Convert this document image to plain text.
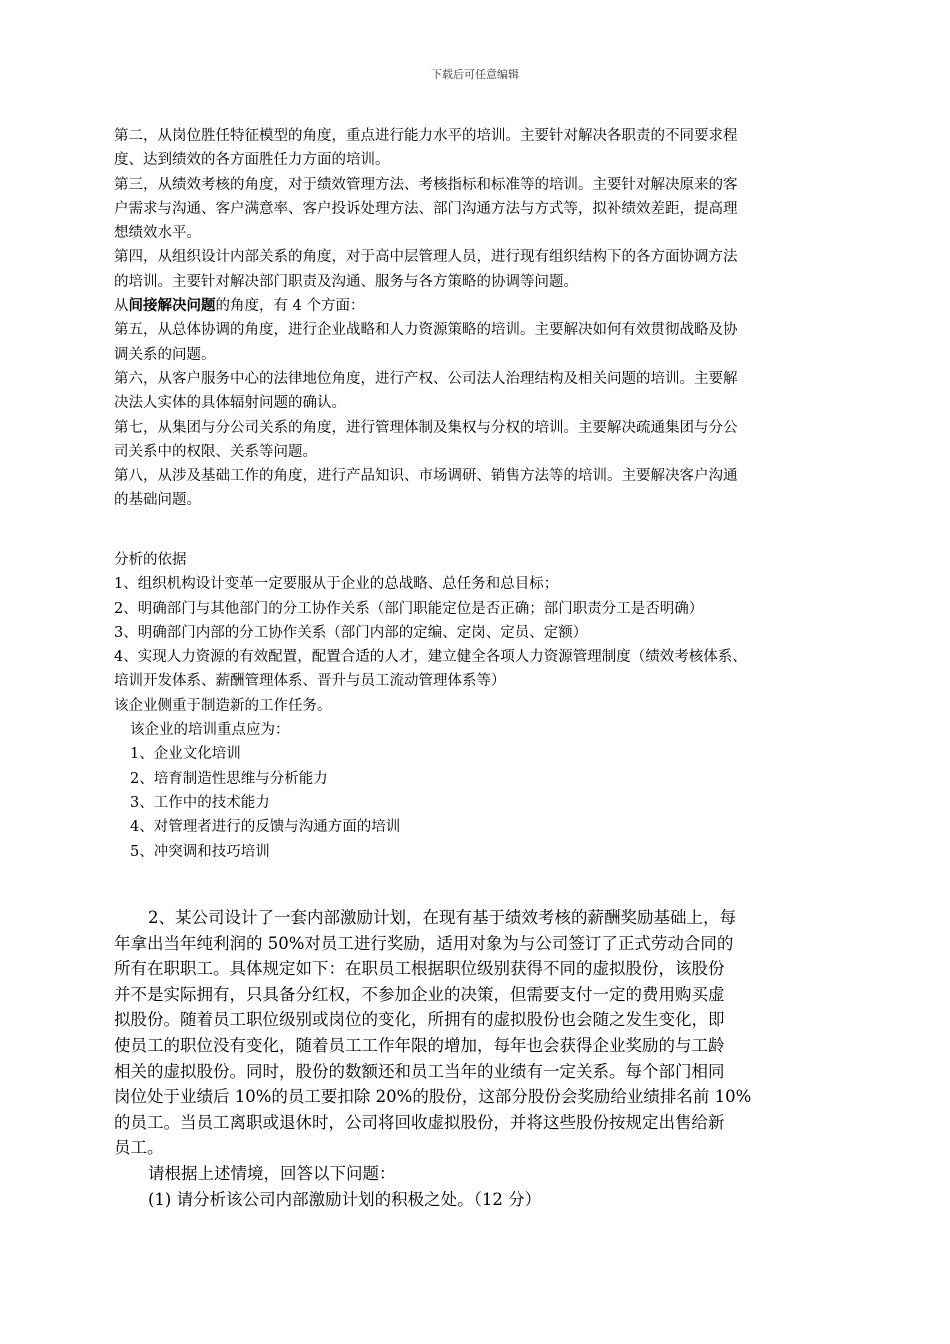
下载后可任意编辑

第二，从岗位胜任特征模型的角度，重点进行能力水平的培训。主要针对解决各职责的不同要求程

度、达到绩效的各方面胜任力方面的培训。

第三，从绩效考核的角度，对于绩效管理方法、考核指标和标准等的培训。主要针对解决原来的客

户需求与沟通、客户满意率、客户投诉处理方法、部门沟通方法与方式等，拟补绩效差距，提高理

想绩效水平。

第四，从组织设计内部关系的角度，对于高中层管理人员，进行现有组织结构下的各方面协调方法

的培训。主要针对解决部门职责及沟通、服务与各方策略的协调等问题。

从间接解决问题的角度，有 4 个方面：

第五，从总体协调的角度，进行企业战略和人力资源策略的培训。主要解决如何有效贯彻战略及协

调关系的问题。

第六，从客户服务中心的法律地位角度，进行产权、公司法人治理结构及相关问题的培训。主要解

决法人实体的具体辐射问题的确认。

第七，从集团与分公司关系的角度，进行管理体制及集权与分权的培训。主要解决疏通集团与分公

司关系中的权限、关系等问题。

第八，从涉及基础工作的角度，进行产品知识、市场调研、销售方法等的培训。主要解决客户沟通

的基础问题。

分析的依据

1、组织机构设计变革一定要服从于企业的总战略、总任务和总目标；

2、明确部门与其他部门的分工协作关系（部门职能定位是否正确；部门职责分工是否明确）

3、明确部门内部的分工协作关系（部门内部的定编、定岗、定员、定额）

4、实现人力资源的有效配置，配置合适的人才，建立健全各项人力资源管理制度（绩效考核体系、

培训开发体系、薪酬管理体系、晋升与员工流动管理体系等）

该企业侧重于制造新的工作任务。

该企业的培训重点应为：

1、企业文化培训

2、培育制造性思维与分析能力

3、工作中的技术能力

4、对管理者进行的反馈与沟通方面的培训

5、冲突调和技巧培训

2、某公司设计了一套内部激励计划，在现有基于绩效考核的薪酬奖励基础上，每

年拿出当年纯利润的 50%对员工进行奖励，适用对象为与公司签订了正式劳动合同的

所有在职职工。具体规定如下：在职员工根据职位级别获得不同的虚拟股份，该股份

并不是实际拥有，只具备分红权，不参加企业的决策，但需要支付一定的费用购买虚

拟股份。随着员工职位级别或岗位的变化，所拥有的虚拟股份也会随之发生变化，即

使员工的职位没有变化，随着员工工作年限的增加，每年也会获得企业奖励的与工龄

相关的虚拟股份。同时，股份的数额还和员工当年的业绩有一定关系。每个部门相同

岗位处于业绩后 10%的员工要扣除 20%的股份，这部分股份会奖励给业绩排名前 10%

的员工。当员工离职或退休时，公司将回收虚拟股份，并将这些股份按规定出售给新

员工。

请根据上述情境，回答以下问题：

(1) 请分析该公司内部激励计划的积极之处。（12 分）
